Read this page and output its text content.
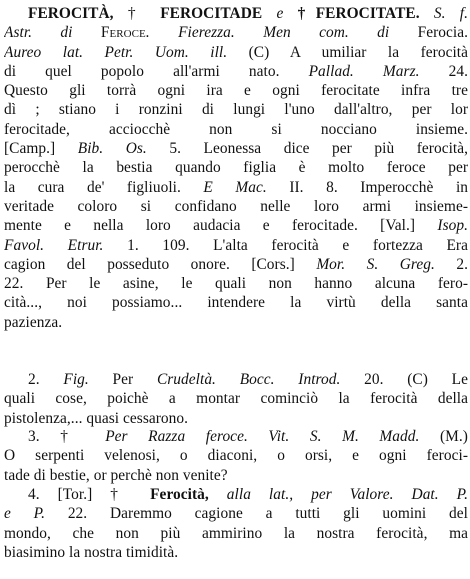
FEROCITÀ, † FEROCITADE e †FEROCITATE. S. f.
Astr. di Feroce. Fierezza. Men com. di Ferocia.
Aureo lat. Petr. Uom. ill. (C) A umiliar la ferocità
di quel popolo all'armi nato. Pallad. Marz. 24.
Questo gli torrà ogni ira e ogni ferocitate infra tre
dì ; stiano i ronzini di lungi l'uno dall'altro, per lor
ferocitade, acciocchè non si nocciano insieme.
[Camp.] Bib. Os. 5. Leonessa dice per più ferocità,
perocchè la bestia quando figlia è molto feroce per
la cura de' figliuoli. E Mac. II. 8. Imperocchè in
veritade coloro si confidano nelle loro armi insieme-
mente e nella loro audacia e ferocitade. [Val.] Isop.
Favol. Etrur. 1. 109. L'alta ferocità e fortezza Era
cagion del posseduto onore. [Cors.] Mor. S. Greg. 2.
22. Per le asine, le quali non hanno alcuna fero-
cità..., noi possiamo... intendere la virtù della santa
pazienza.
2. Fig. Per Crudeltà. Bocc. Introd. 20. (C) Le
quali cose, poichè a montar cominciò la ferocità della
pistolenza,... quasi cessarono.
3. † Per Razza feroce. Vit. S. M. Madd. (M.)
O serpenti velenosi, o diaconi, o orsi, e ogni feroci-
tade di bestie, or perchè non venite?
4. [Tor.] † Ferocità, alla lat., per Valore. Dat. P.
e P. 22. Daremmo cagione a tutti gli uomini del
mondo, che non più ammirino la nostra ferocità, ma
biasimino la nostra timidità.
